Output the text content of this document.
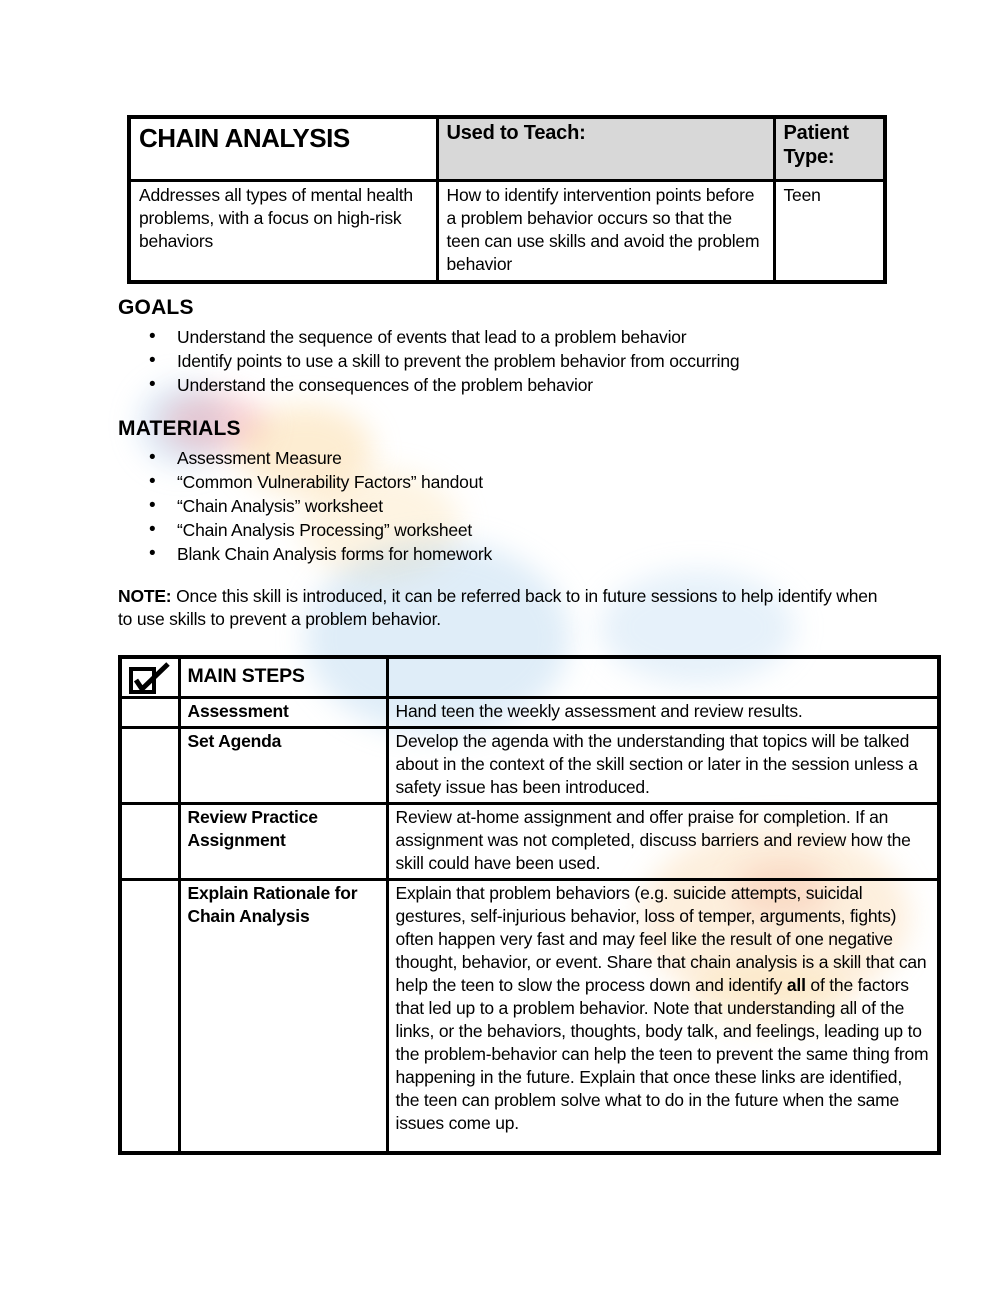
CHAIN ANALYSIS	Used to Teach:	Patient Type:
Addresses all types of mental health problems, with a focus on high-risk behaviors	How to identify intervention points before a problem behavior occurs so that the teen can use skills and avoid the problem behavior	Teen
GOALS
• Understand the sequence of events that lead to a problem behavior
• Identify points to use a skill to prevent the problem behavior from occurring
• Understand the consequences of the problem behavior
MATERIALS
• Assessment Measure
• “Common Vulnerability Factors” handout
• “Chain Analysis” worksheet
• “Chain Analysis Processing” worksheet
• Blank Chain Analysis forms for homework

NOTE: Once this skill is introduced, it can be referred back to in future sessions to help identify when to use skills to prevent a problem behavior.

	MAIN STEPS	
	Assessment	Hand teen the weekly assessment and review results.
	Set Agenda	Develop the agenda with the understanding that topics will be talked about in the context of the skill section or later in the session unless a safety issue has been introduced.
	Review Practice Assignment	Review at-home assignment and offer praise for completion. If an assignment was not completed, discuss barriers and review how the skill could have been used.
	Explain Rationale for Chain Analysis	Explain that problem behaviors (e.g. suicide attempts, suicidal gestures, self-injurious behavior, loss of temper, arguments, fights) often happen very fast and may feel like the result of one negative thought, behavior, or event. Share that chain analysis is a skill that can help the teen to slow the process down and identify all of the factors that led up to a problem behavior. Note that understanding all of the links, or the behaviors, thoughts, body talk, and feelings, leading up to the problem-behavior can help the teen to prevent the same thing from happening in the future. Explain that once these links are identified, the teen can problem solve what to do in the future when the same issues come up.
